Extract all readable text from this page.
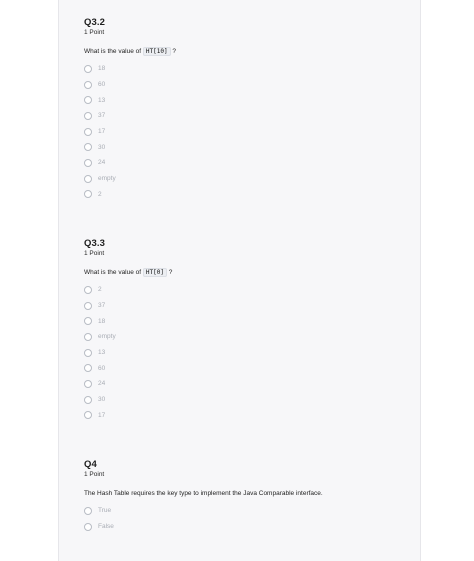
Q3.2
1 Point
What is the value of HT[10] ?
18
60
13
37
17
30
24
empty
2
Q3.3
1 Point
What is the value of HT[0] ?
2
37
18
empty
13
60
24
30
17
Q4
1 Point
The Hash Table requires the key type to implement the Java Comparable interface.
True
False
